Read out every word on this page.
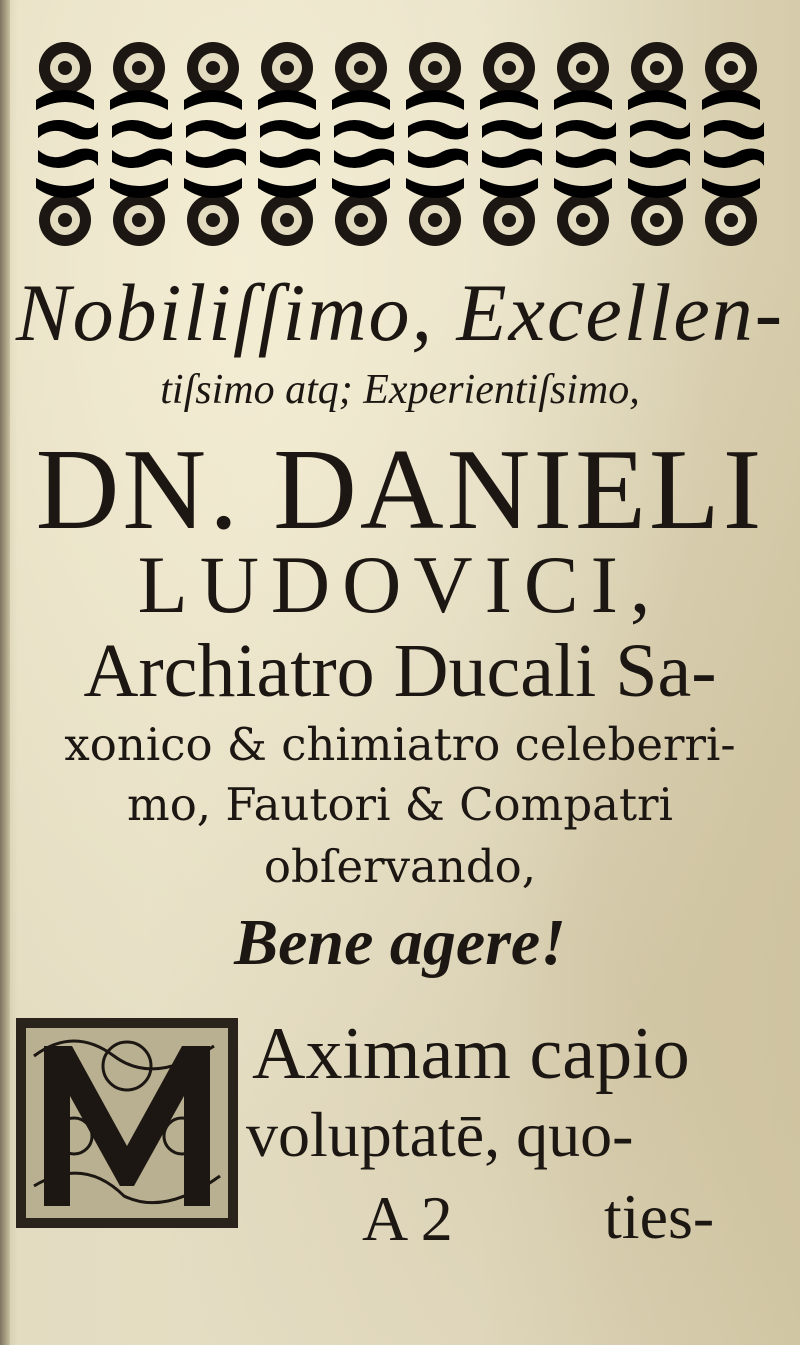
Nobiliſſimo, Excellen-
tiſsimo atq; Experientiſsimo,
DN. DANIELI
LUDOVICI,
Archiatro Ducali Sa-
xonico & chimiatro celeberri-
mo, Fautori & Compatri
obſervando,
Bene agere!
Aximam capio
voluptatē, quo-
A 2 ties-
